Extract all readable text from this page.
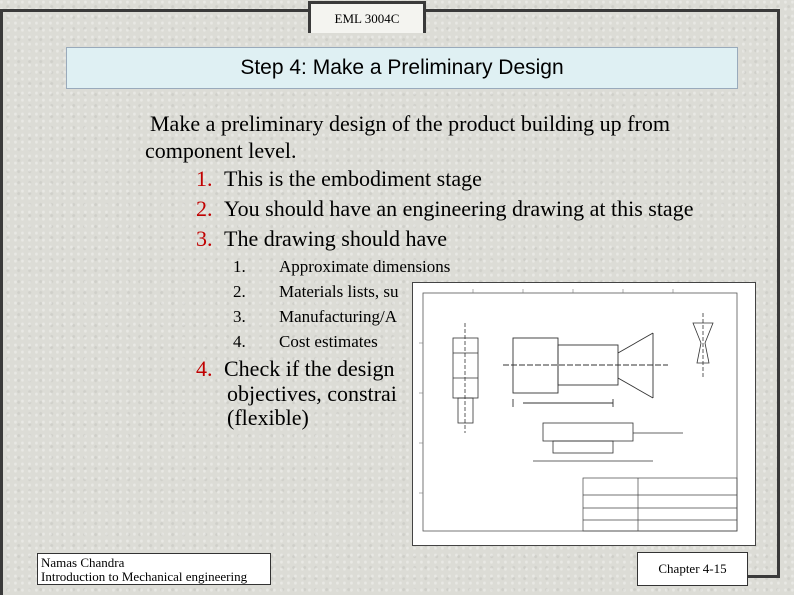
EML 3004C
Step 4: Make a Preliminary Design
Make a preliminary design of the product building up from
component level.
1. This is the embodiment stage
2. You should have an engineering drawing at this stage
3. The drawing should have
1. Approximate dimensions
2. Materials lists, su
3. Manufacturing/A
4. Cost estimates
4. Check if the design
objectives, constrai
(flexible)
Namas Chandra
Introduction to Mechanical engineering
Chapter 4-15
